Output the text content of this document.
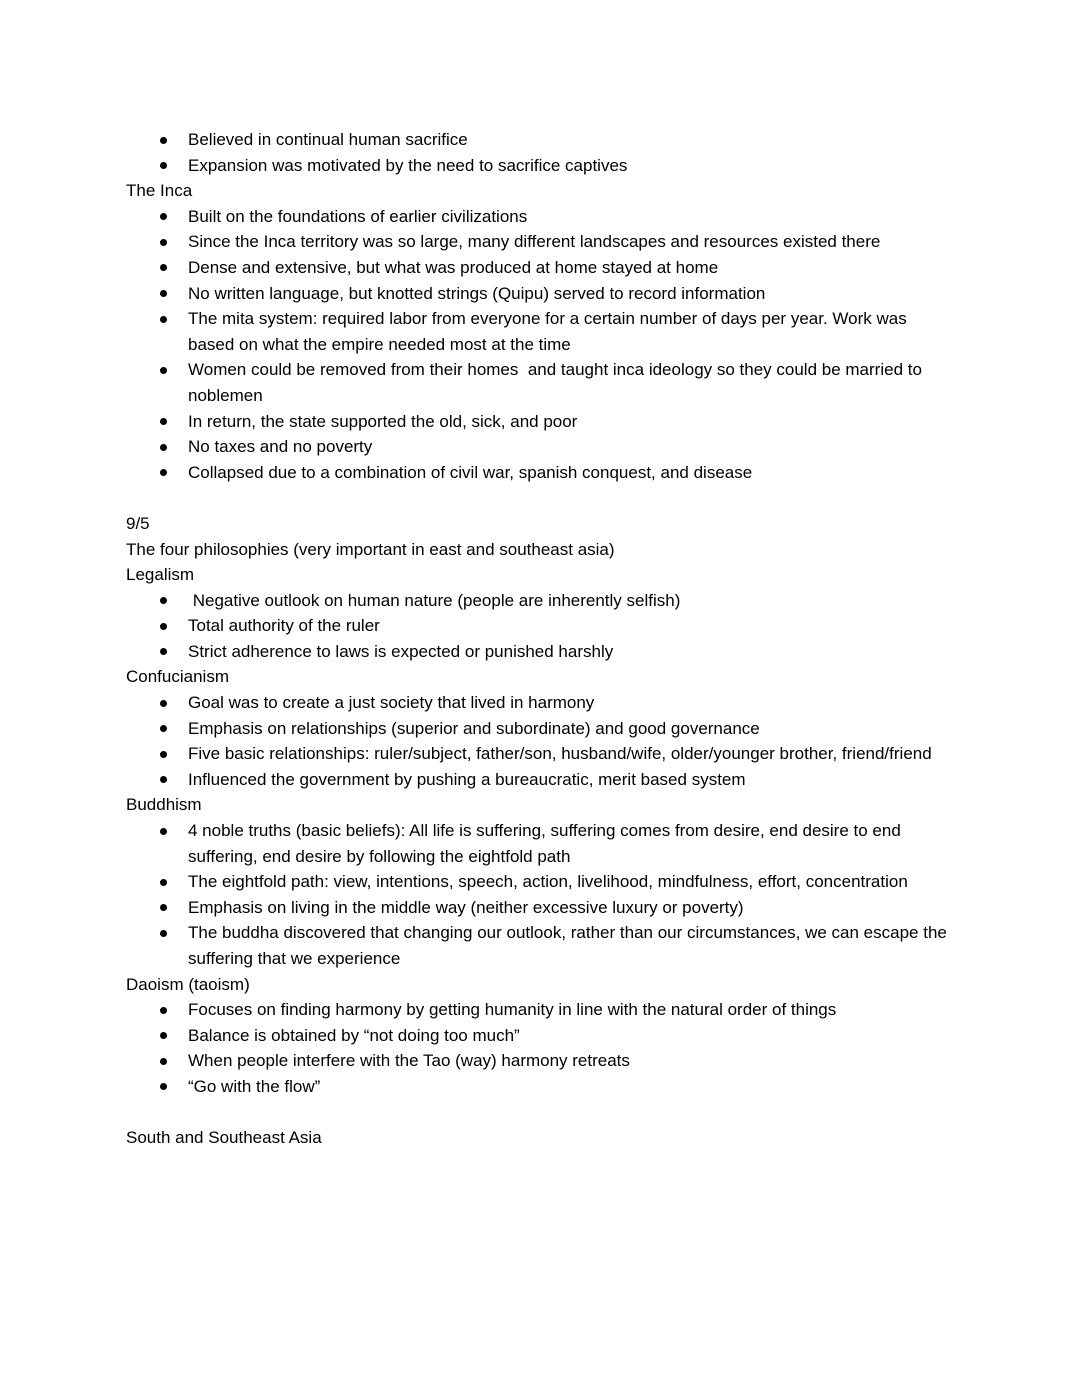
Believed in continual human sacrifice
Expansion was motivated by the need to sacrifice captives
The Inca
Built on the foundations of earlier civilizations
Since the Inca territory was so large, many different landscapes and resources existed there
Dense and extensive, but what was produced at home stayed at home
No written language, but knotted strings (Quipu) served to record information
The mita system: required labor from everyone for a certain number of days per year. Work was based on what the empire needed most at the time
Women could be removed from their homes  and taught inca ideology so they could be married to noblemen
In return, the state supported the old, sick, and poor
No taxes and no poverty
Collapsed due to a combination of civil war, spanish conquest, and disease
9/5
The four philosophies (very important in east and southeast asia)
Legalism
Negative outlook on human nature (people are inherently selfish)
Total authority of the ruler
Strict adherence to laws is expected or punished harshly
Confucianism
Goal was to create a just society that lived in harmony
Emphasis on relationships (superior and subordinate) and good governance
Five basic relationships: ruler/subject, father/son, husband/wife, older/younger brother, friend/friend
Influenced the government by pushing a bureaucratic, merit based system
Buddhism
4 noble truths (basic beliefs): All life is suffering, suffering comes from desire, end desire to end suffering, end desire by following the eightfold path
The eightfold path: view, intentions, speech, action, livelihood, mindfulness, effort, concentration
Emphasis on living in the middle way (neither excessive luxury or poverty)
The buddha discovered that changing our outlook, rather than our circumstances, we can escape the suffering that we experience
Daoism (taoism)
Focuses on finding harmony by getting humanity in line with the natural order of things
Balance is obtained by “not doing too much”
When people interfere with the Tao (way) harmony retreats
“Go with the flow”
South and Southeast Asia
